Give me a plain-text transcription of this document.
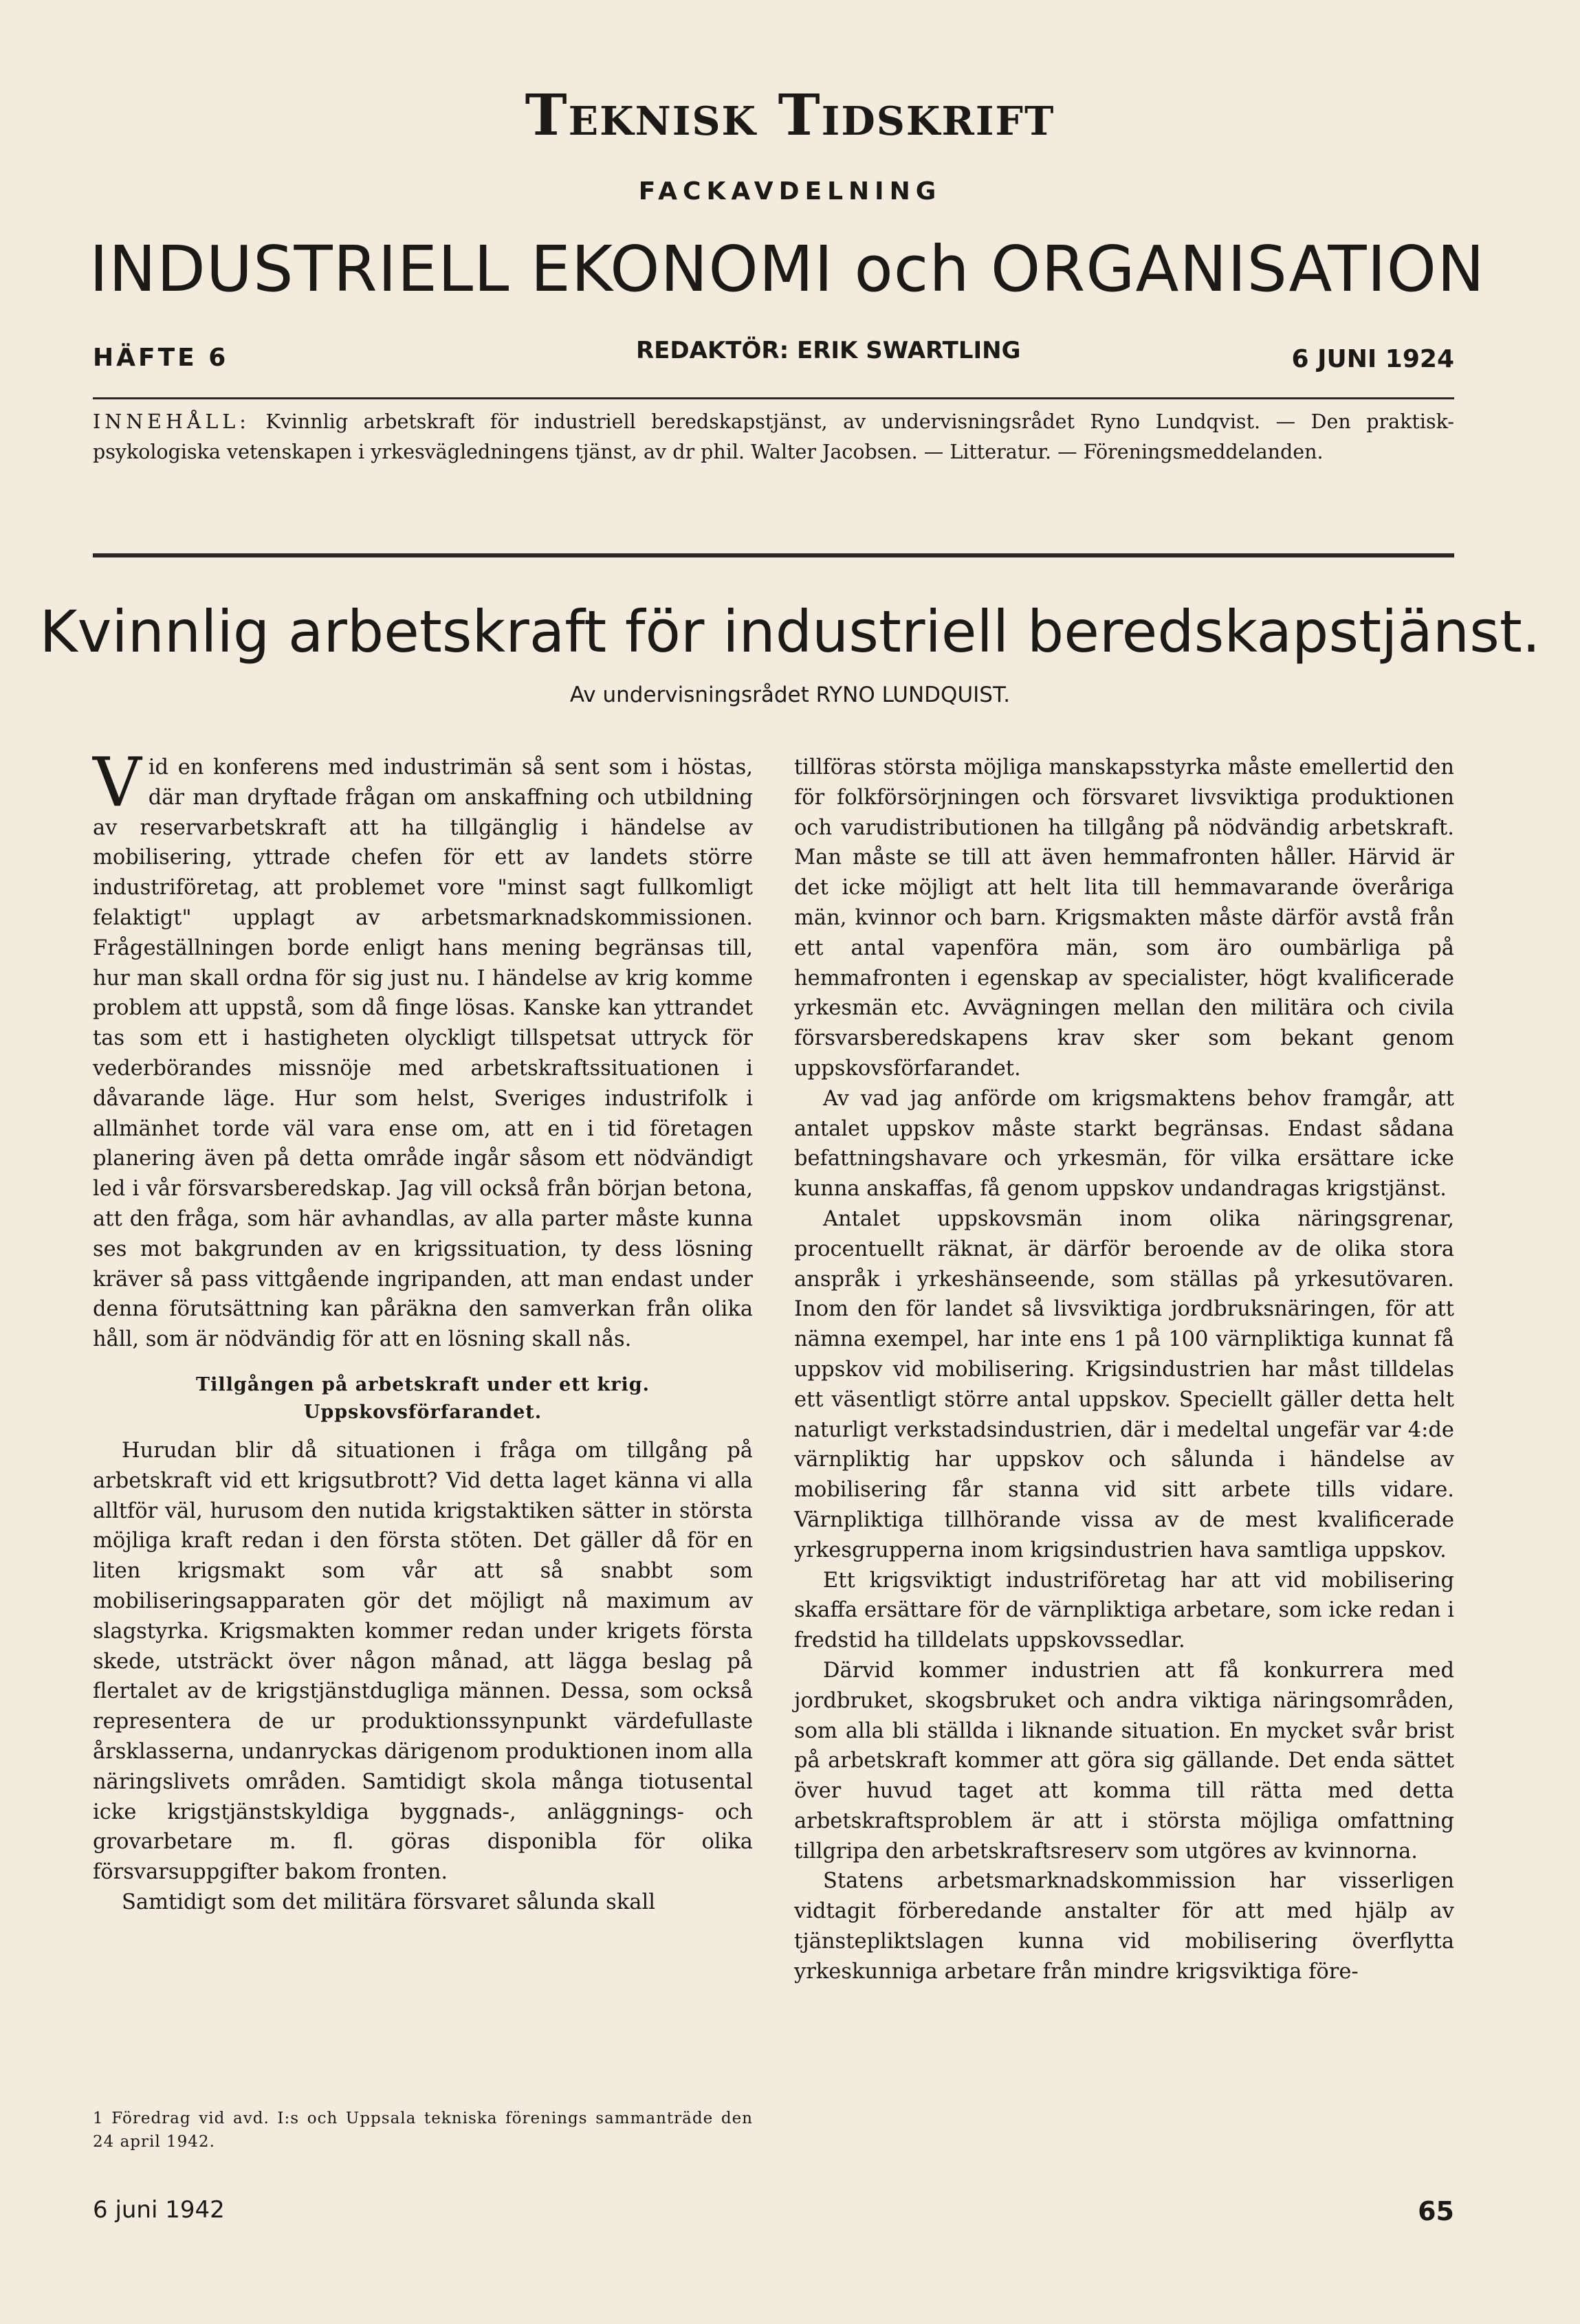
Teknisk Tidskrift
FACKAVDELNING
INDUSTRIELL EKONOMI och ORGANISATION
HÄFTE 6	REDAKTÖR: ERIK SWARTLING	6 JUNI 1924
INNEHÅLL: Kvinnlig arbetskraft för industriell beredskapstjänst, av undervisningsrådet Ryno Lundqvist. — Den praktisk-psykologiska vetenskapen i yrkesvägledningens tjänst, av dr phil. Walter Jacobsen. — Litteratur. — Föreningsmeddelanden.
Kvinnlig arbetskraft för industriell beredskapstjänst.
Av undervisningsrådet RYNO LUNDQUIST.

Vid en konferens med industrimän så sent som i höstas, där man dryftade frågan om anskaffning och utbildning av reservarbetskraft att ha tillgänglig i händelse av mobilisering, yttrade chefen för ett av landets större industriföretag, att problemet vore "minst sagt fullkomligt felaktigt" upplagt av arbetsmarknadskommissionen. Frågeställningen borde enligt hans mening begränsas till, hur man skall ordna för sig just nu. I händelse av krig komme problem att uppstå, som då finge lösas. Kanske kan yttrandet tas som ett i hastigheten olyckligt tillspetsat uttryck för vederbörandes missnöje med arbetskraftssituationen i dåvarande läge. Hur som helst, Sveriges industrifolk i allmänhet torde väl vara ense om, att en i tid företagen planering även på detta område ingår såsom ett nödvändigt led i vår försvarsberedskap. Jag vill också från början betona, att den fråga, som här avhandlas, av alla parter måste kunna ses mot bakgrunden av en krigssituation, ty dess lösning kräver så pass vittgående ingripanden, att man endast under denna förutsättning kan påräkna den samverkan från olika håll, som är nödvändig för att en lösning skall nås.

Tillgången på arbetskraft under ett krig.
Uppskovsförfarandet.

Hurudan blir då situationen i fråga om tillgång på arbetskraft vid ett krigsutbrott? Vid detta laget känna vi alla alltför väl, hurusom den nutida krigstaktiken sätter in största möjliga kraft redan i den första stöten. Det gäller då för en liten krigsmakt som vår att så snabbt som mobiliseringsapparaten gör det möjligt nå maximum av slagstyrka. Krigsmakten kommer redan under krigets första skede, utsträckt över någon månad, att lägga beslag på flertalet av de krigstjänstdugliga männen. Dessa, som också representera de ur produktionssynpunkt värdefullaste årsklasserna, undanryckas därigenom produktionen inom alla näringslivets områden. Samtidigt skola många tiotusental icke krigstjänstskyldiga byggnads-, anläggnings- och grovarbetare m. fl. göras disponibla för olika försvarsuppgifter bakom fronten.

Samtidigt som det militära försvaret sålunda skall

tillföras största möjliga manskapsstyrka måste emellertid den för folkförsörjningen och försvaret livsviktiga produktionen och varudistributionen ha tillgång på nödvändig arbetskraft. Man måste se till att även hemmafronten håller. Härvid är det icke möjligt att helt lita till hemmavarande överåriga män, kvinnor och barn. Krigsmakten måste därför avstå från ett antal vapenföra män, som äro oumbärliga på hemmafronten i egenskap av specialister, högt kvalificerade yrkesmän etc. Avvägningen mellan den militära och civila försvarsberedskapens krav sker som bekant genom uppskovsförfarandet.

Av vad jag anförde om krigsmaktens behov framgår, att antalet uppskov måste starkt begränsas. Endast sådana befattningshavare och yrkesmän, för vilka ersättare icke kunna anskaffas, få genom uppskov undandragas krigstjänst.

Antalet uppskovsmän inom olika näringsgrenar, procentuellt räknat, är därför beroende av de olika stora anspråk i yrkeshänseende, som ställas på yrkesutövaren. Inom den för landet så livsviktiga jordbruksnäringen, för att nämna exempel, har inte ens 1 på 100 värnpliktiga kunnat få uppskov vid mobilisering. Krigsindustrien har måst tilldelas ett väsentligt större antal uppskov. Speciellt gäller detta helt naturligt verkstadsindustrien, där i medeltal ungefär var 4:de värnpliktig har uppskov och sålunda i händelse av mobilisering får stanna vid sitt arbete tills vidare. Värnpliktiga tillhörande vissa av de mest kvalificerade yrkesgrupperna inom krigsindustrien hava samtliga uppskov.

Ett krigsviktigt industriföretag har att vid mobilisering skaffa ersättare för de värnpliktiga arbetare, som icke redan i fredstid ha tilldelats uppskovssedlar.

Därvid kommer industrien att få konkurrera med jordbruket, skogsbruket och andra viktiga näringsområden, som alla bli ställda i liknande situation. En mycket svår brist på arbetskraft kommer att göra sig gällande. Det enda sättet över huvud taget att komma till rätta med detta arbetskraftsproblem är att i största möjliga omfattning tillgripa den arbetskraftsreserv som utgöres av kvinnorna.

Statens arbetsmarknadskommission har visserligen vidtagit förberedande anstalter för att med hjälp av tjänstepliktslagen kunna vid mobilisering överflytta yrkeskunniga arbetare från mindre krigsviktiga före-

1 Föredrag vid avd. I:s och Uppsala tekniska förenings sammanträde den 24 april 1942.
6 juni 1942	65
